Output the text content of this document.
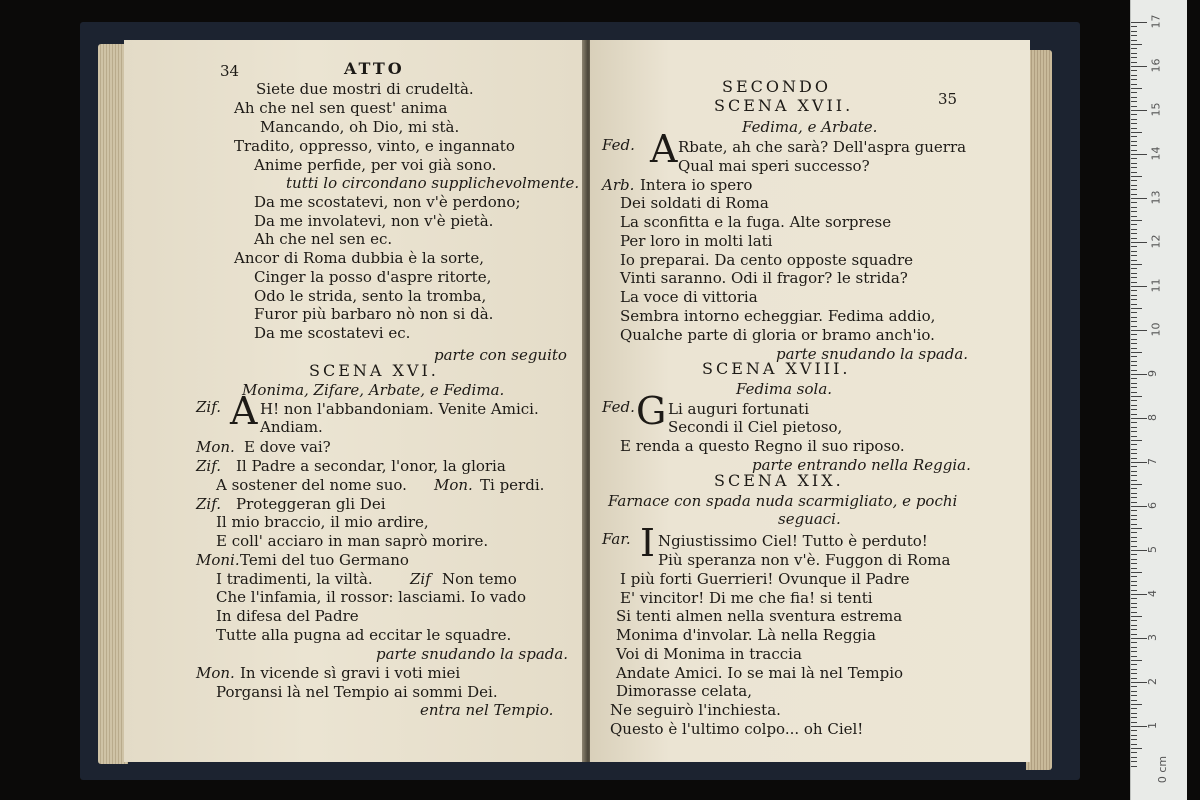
34	ATTO
Siete due mostri di crudeltà.
Ah che nel sen quest' anima
Mancando, oh Dio, mi stà.
Tradito, oppresso, vinto, e ingannato
Anime perfide, per voi già sono.
tutti lo circondano supplichevolmente.
Da me scostatevi, non v'è perdono;
Da me involatevi, non v'è pietà.
Ah che nel sen ec.
Ancor di Roma dubbia è la sorte,
Cinger la posso d'aspre ritorte,
Odo le strida, sento la tromba,
Furor più barbaro nò non si dà.
Da me scostatevi ec.
parte con seguito
SCENA XVI.
Monima, Zifare, Arbate, e Fedima.
Zif. A H! non l'abbandoniam. Venite Amici.
Andiam.
Mon. E dove vai?
Zif. Il Padre a secondar, l'onor, la gloria
A sostener del nome suo. Mon. Ti perdi.
Zif. Proteggeran gli Dei
Il mio braccio, il mio ardire,
E coll' acciaro in man saprò morire.
Moni. Temi del tuo Germano
I tradimenti, la viltà. Zif Non temo
Che l'infamia, il rossor: lasciami. Io vado
In difesa del Padre
Tutte alla pugna ad eccitar le squadre.
parte snudando la spada.
Mon. In vicende sì gravi i voti miei
Porgansi là nel Tempio ai sommi Dei.
entra nel Tempio.
SECONDO
35
SCENA XVII.
Fedima, e Arbate.
Fed. A Rbate, ah che sarà? Dell'aspra guerra
Qual mai speri successo?
Arb. Intera io spero
Dei soldati di Roma
La sconfitta e la fuga. Alte sorprese
Per loro in molti lati
Io preparai. Da cento opposte squadre
Vinti saranno. Odi il fragor? le strida?
La voce di vittoria
Sembra intorno echeggiar. Fedima addio,
Qualche parte di gloria or bramo anch'io.
parte snudando la spada.
SCENA XVIII.
Fedima sola.
Fed. G Li auguri fortunati
Secondi il Ciel pietoso,
E renda a questo Regno il suo riposo.
parte entrando nella Reggia.
SCENA XIX.
Farnace con spada nuda scarmigliato, e pochi
seguaci.
Far. I Ngiustissimo Ciel! Tutto è perduto!
Più speranza non v'è. Fuggon di Roma
I più forti Guerrieri! Ovunque il Padre
E' vincitor! Di me che fia! si tenti
Si tenti almen nella sventura estrema
Monima d'involar. Là nella Reggia
Voi di Monima in traccia
Andate Amici. Io se mai là nel Tempio
Dimorasse celata,
Ne seguirò l'inchiesta.
Questo è l'ultimo colpo... oh Ciel!
17
16
15
14
13
12
11
10
9
8
7
6
5
4
3
2
1
0 cm
